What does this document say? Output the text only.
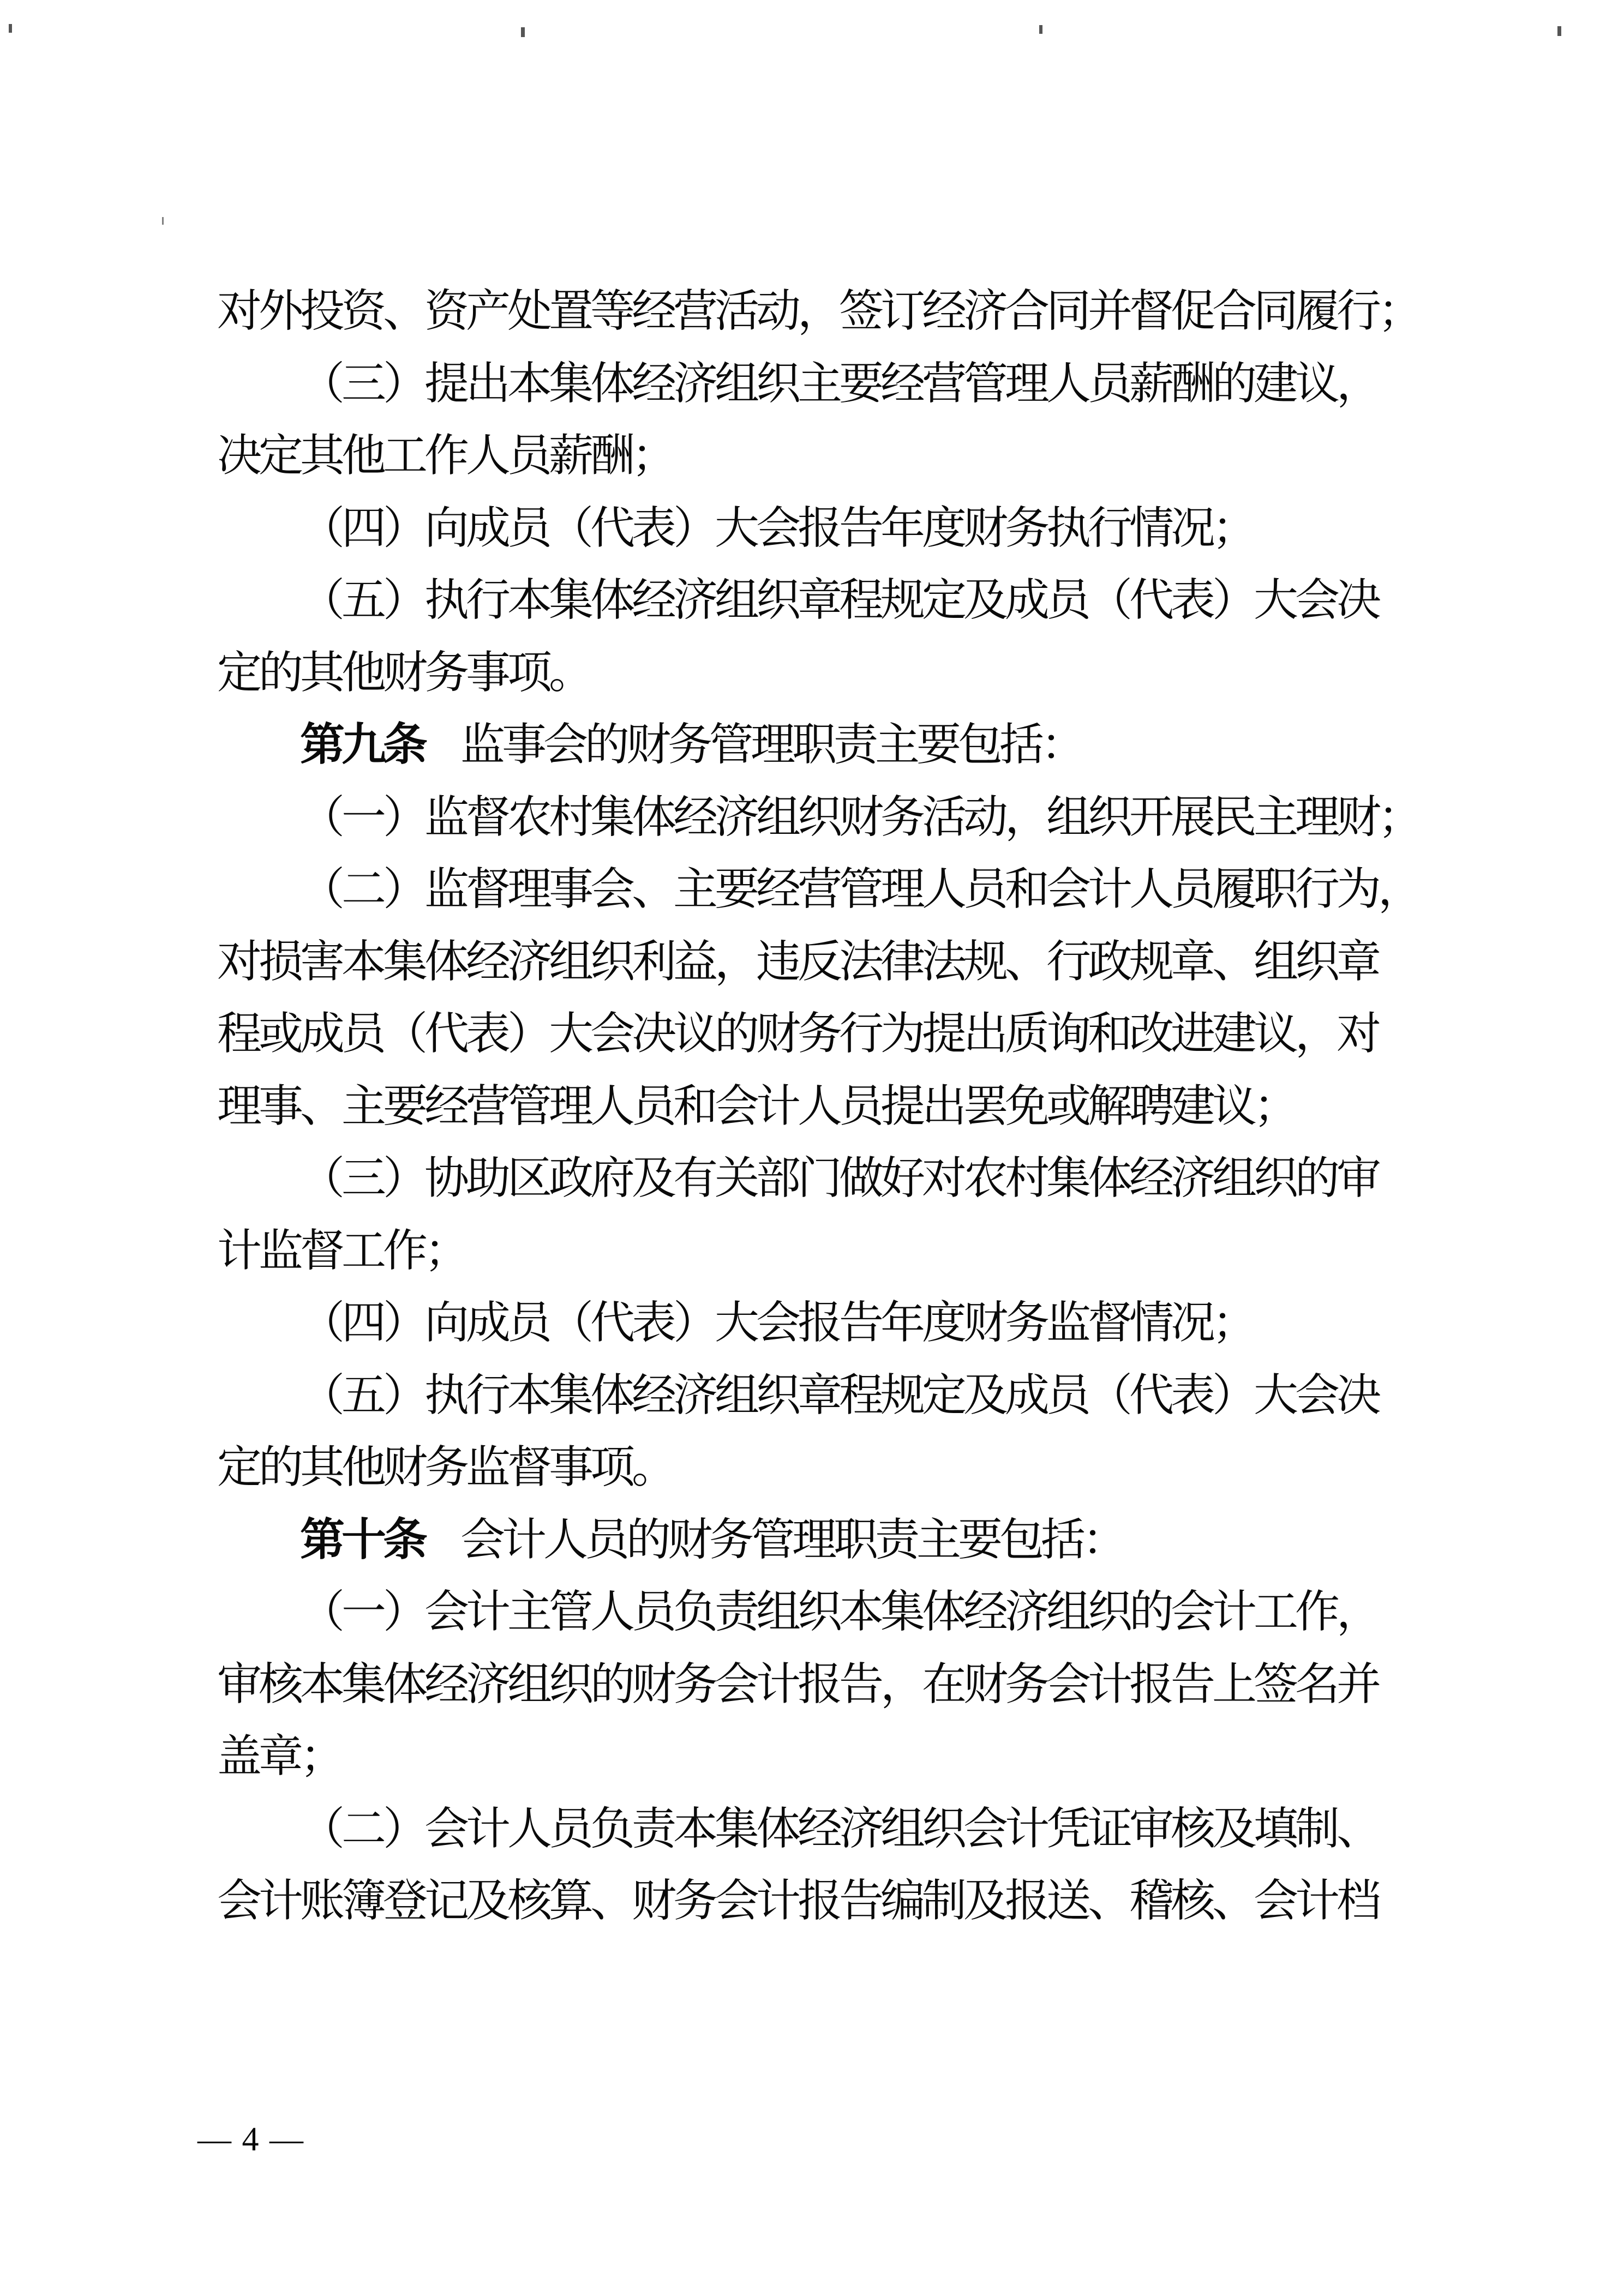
对外投资、资产处置等经营活动，签订经济合同并督促合同履行；
（三）提出本集体经济组织主要经营管理人员薪酬的建议，
决定其他工作人员薪酬；
（四）向成员（代表）大会报告年度财务执行情况；
（五）执行本集体经济组织章程规定及成员（代表）大会决
定的其他财务事项。
第九条 监事会的财务管理职责主要包括：
（一）监督农村集体经济组织财务活动，组织开展民主理财；
（二）监督理事会、主要经营管理人员和会计人员履职行为，
对损害本集体经济组织利益，违反法律法规、行政规章、组织章
程或成员（代表）大会决议的财务行为提出质询和改进建议，对
理事、主要经营管理人员和会计人员提出罢免或解聘建议；
（三）协助区政府及有关部门做好对农村集体经济组织的审
计监督工作；
（四）向成员（代表）大会报告年度财务监督情况；
（五）执行本集体经济组织章程规定及成员（代表）大会决
定的其他财务监督事项。
第十条 会计人员的财务管理职责主要包括：
（一）会计主管人员负责组织本集体经济组织的会计工作，
审核本集体经济组织的财务会计报告，在财务会计报告上签名并
盖章；
（二）会计人员负责本集体经济组织会计凭证审核及填制、
会计账簿登记及核算、财务会计报告编制及报送、稽核、会计档
— 4 —
